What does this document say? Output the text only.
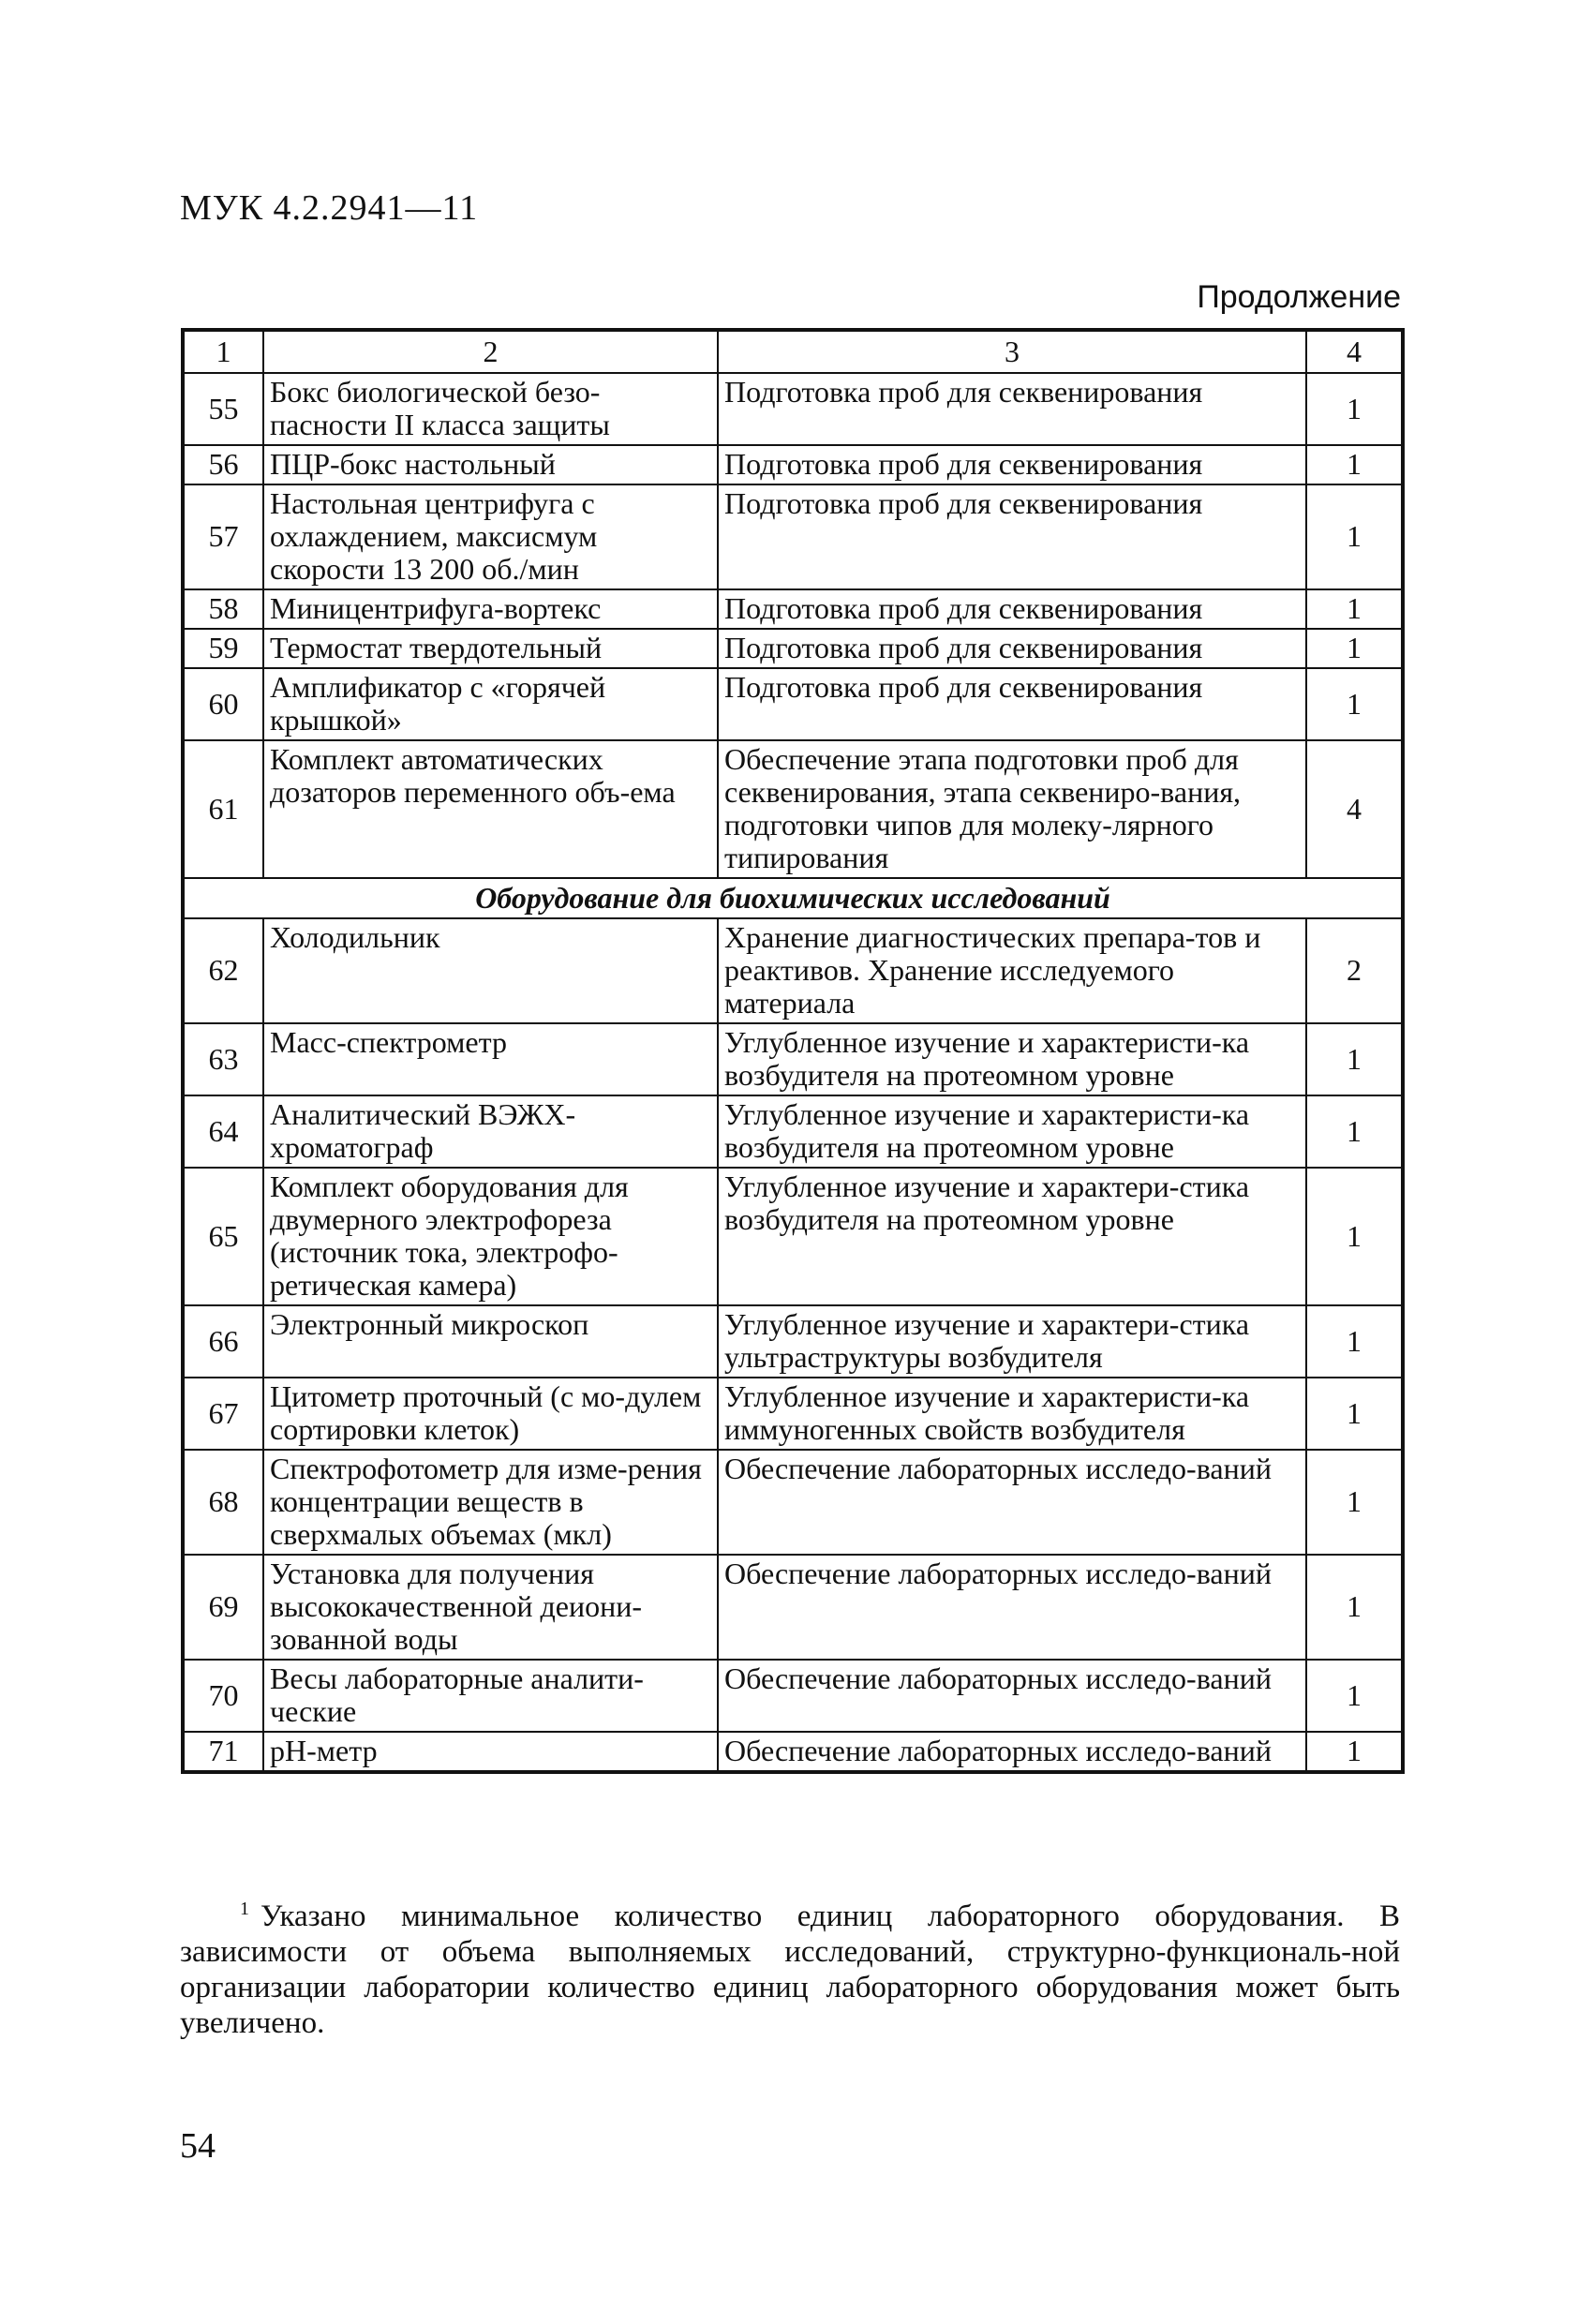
МУК 4.2.2941—11
Продолжение
1	2	3	4
55	Бокс биологической безо-пасности II класса защиты	Подготовка проб для секвенирования	1
56	ПЦР-бокс настольный	Подготовка проб для секвенирования	1
57	Настольная центрифуга с охлаждением, максисмум скорости 13 200 об./мин	Подготовка проб для секвенирования	1
58	Миницентрифуга-вортекс	Подготовка проб для секвенирования	1
59	Термостат твердотельный	Подготовка проб для секвенирования	1
60	Амплификатор с «горячей крышкой»	Подготовка проб для секвенирования	1
61	Комплект автоматических дозаторов переменного объ-ема	Обеспечение этапа подготовки проб для секвенирования, этапа секвениро-вания, подготовки чипов для молеку-лярного типирования	4
Оборудование для биохимических исследований			
62	Холодильник	Хранение диагностических препара-тов и реактивов. Хранение исследуемого материала	2
63	Масс-спектрометр	Углубленное изучение и характеристи-ка возбудителя на протеомном уровне	1
64	Аналитический ВЭЖХ-хроматограф	Углубленное изучение и характеристи-ка возбудителя на протеомном уровне	1
65	Комплект оборудования для двумерного электрофореза (источник тока, электрофо-ретическая камера)	Углубленное изучение и характери-стика возбудителя на протеомном уровне	1
66	Электронный микроскоп	Углубленное изучение и характери-стика ультраструктуры возбудителя	1
67	Цитометр проточный (с мо-дулем сортировки клеток)	Углубленное изучение и характеристи-ка иммуногенных свойств возбудителя	1
68	Спектрофотометр для изме-рения концентрации веществ в сверхмалых объемах (мкл)	Обеспечение лабораторных исследо-ваний	1
69	Установка для получения высококачественной деиони-зованной воды	Обеспечение лабораторных исследо-ваний	1
70	Весы лабораторные аналити-ческие	Обеспечение лабораторных исследо-ваний	1
71	рН-метр	Обеспечение лабораторных исследо-ваний	1
$^1$ Указано минимальное количество единиц лабораторного оборудования. В зависимости от объема выполняемых исследований, структурно-функциональ-ной организации лаборатории количество единиц лабораторного оборудования может быть увеличено.
54
